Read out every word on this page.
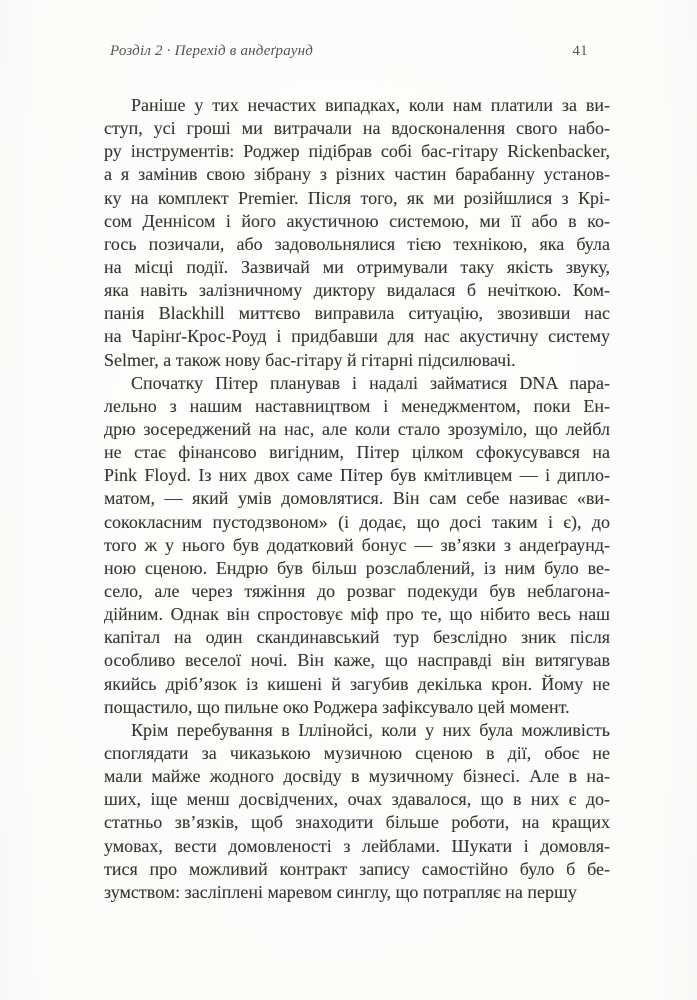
Розділ 2 · Перехід в андеґраунд	41
Раніше у тих нечастих випадках, коли нам платили за ви-
ступ, усі гроші ми витрачали на вдосконалення свого набо-
ру інструментів: Роджер підібрав собі бас-гітару Rickenbacker,
а я замінив свою зібрану з різних частин барабанну установ-
ку на комплект Premier. Після того, як ми розійшлися з Крі-
сом Деннісом і його акустичною системою, ми її або в ко-
гось позичали, або задовольнялися тією технікою, яка була
на місці події. Зазвичай ми отримували таку якість звуку,
яка навіть залізничному диктору видалася б нечіткою. Ком-
панія Blackhill миттєво виправила ситуацію, звозивши нас
на Чарінґ-Крос-Роуд і придбавши для нас акустичну систему
Selmer, а також нову бас-гітару й гітарні підсилювачі.
Спочатку Пітер планував і надалі займатися DNA пара-
лельно з нашим наставництвом і менеджментом, поки Ен-
дрю зосереджений на нас, але коли стало зрозуміло, що лейбл
не стає фінансово вигідним, Пітер цілком сфокусувався на
Pink Floyd. Із них двох саме Пітер був кмітливцем — і дипло-
матом, — який умів домовлятися. Він сам себе називає «ви-
сококласним пустодзвоном» (і додає, що досі таким і є), до
того ж у нього був додатковий бонус — зв’язки з андеґраунд-
ною сценою. Ендрю був більш розслаблений, із ним було ве-
село, але через тяжіння до розваг подекуди був неблагона-
дійним. Однак він спростовує міф про те, що нібито весь наш
капітал на один скандинавський тур безслідно зник після
особливо веселої ночі. Він каже, що насправді він витягував
якийсь дріб’язок із кишені й загубив декілька крон. Йому не
пощастило, що пильне око Роджера зафіксувало цей момент.
Крім перебування в Іллінойсі, коли у них була можливість
споглядати за чиказькою музичною сценою в дії, обоє не
мали майже жодного досвіду в музичному бізнесі. Але в на-
ших, іще менш досвідчених, очах здавалося, що в них є до-
статньо зв’язків, щоб знаходити більше роботи, на кращих
умовах, вести домовленості з лейблами. Шукати і домовля-
тися про можливий контракт запису самостійно було б бе-
зумством: засліплені маревом синглу, що потрапляє на першу
